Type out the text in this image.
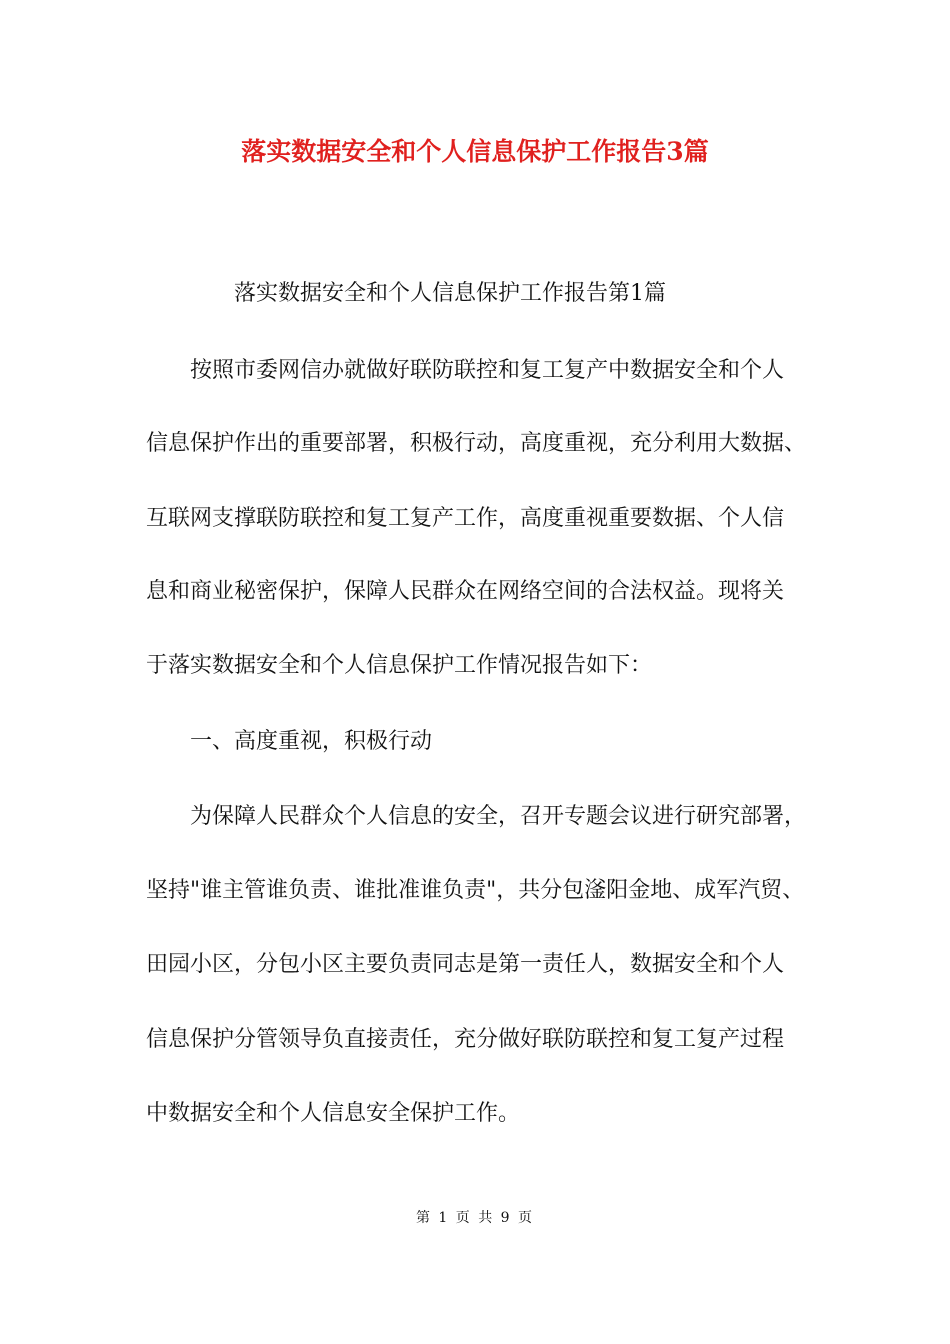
落实数据安全和个人信息保护工作报告3篇
落实数据安全和个人信息保护工作报告第1篇
按照市委网信办就做好联防联控和复工复产中数据安全和个人
信息保护作出的重要部署，积极行动，高度重视，充分利用大数据、
互联网支撑联防联控和复工复产工作，高度重视重要数据、个人信
息和商业秘密保护，保障人民群众在网络空间的合法权益。现将关
于落实数据安全和个人信息保护工作情况报告如下：
一、高度重视，积极行动
为保障人民群众个人信息的安全，召开专题会议进行研究部署，
坚持"谁主管谁负责、谁批准谁负责"，共分包滏阳金地、成军汽贸、
田园小区，分包小区主要负责同志是第一责任人，数据安全和个人
信息保护分管领导负直接责任，充分做好联防联控和复工复产过程
中数据安全和个人信息安全保护工作。
第 1 页 共 9 页
